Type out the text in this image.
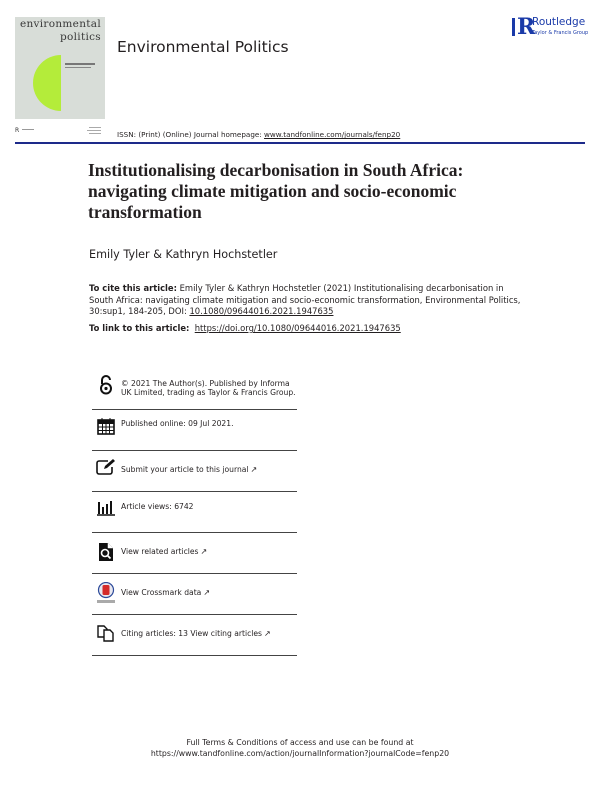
environmental
politics
R
Environmental Politics
R
Routledge
Taylor & Francis Group
ISSN: (Print) (Online) Journal homepage: www.tandfonline.com/journals/fenp20
Institutionalising decarbonisation in South Africa: navigating climate mitigation and socio-economic transformation
Emily Tyler & Kathryn Hochstetler
To cite this article: Emily Tyler & Kathryn Hochstetler (2021) Institutionalising decarbonisation in South Africa: navigating climate mitigation and socio-economic transformation, Environmental Politics, 30:sup1, 184-205, DOI: 10.1080/09644016.2021.1947635
To link to this article: https://doi.org/10.1080/09644016.2021.1947635
© 2021 The Author(s). Published by Informa UK Limited, trading as Taylor & Francis Group.
Published online: 09 Jul 2021.
Submit your article to this journal ↗
Article views: 6742
View related articles ↗
View Crossmark data ↗
Citing articles: 13 View citing articles ↗
Full Terms & Conditions of access and use can be found at
https://www.tandfonline.com/action/journalInformation?journalCode=fenp20
